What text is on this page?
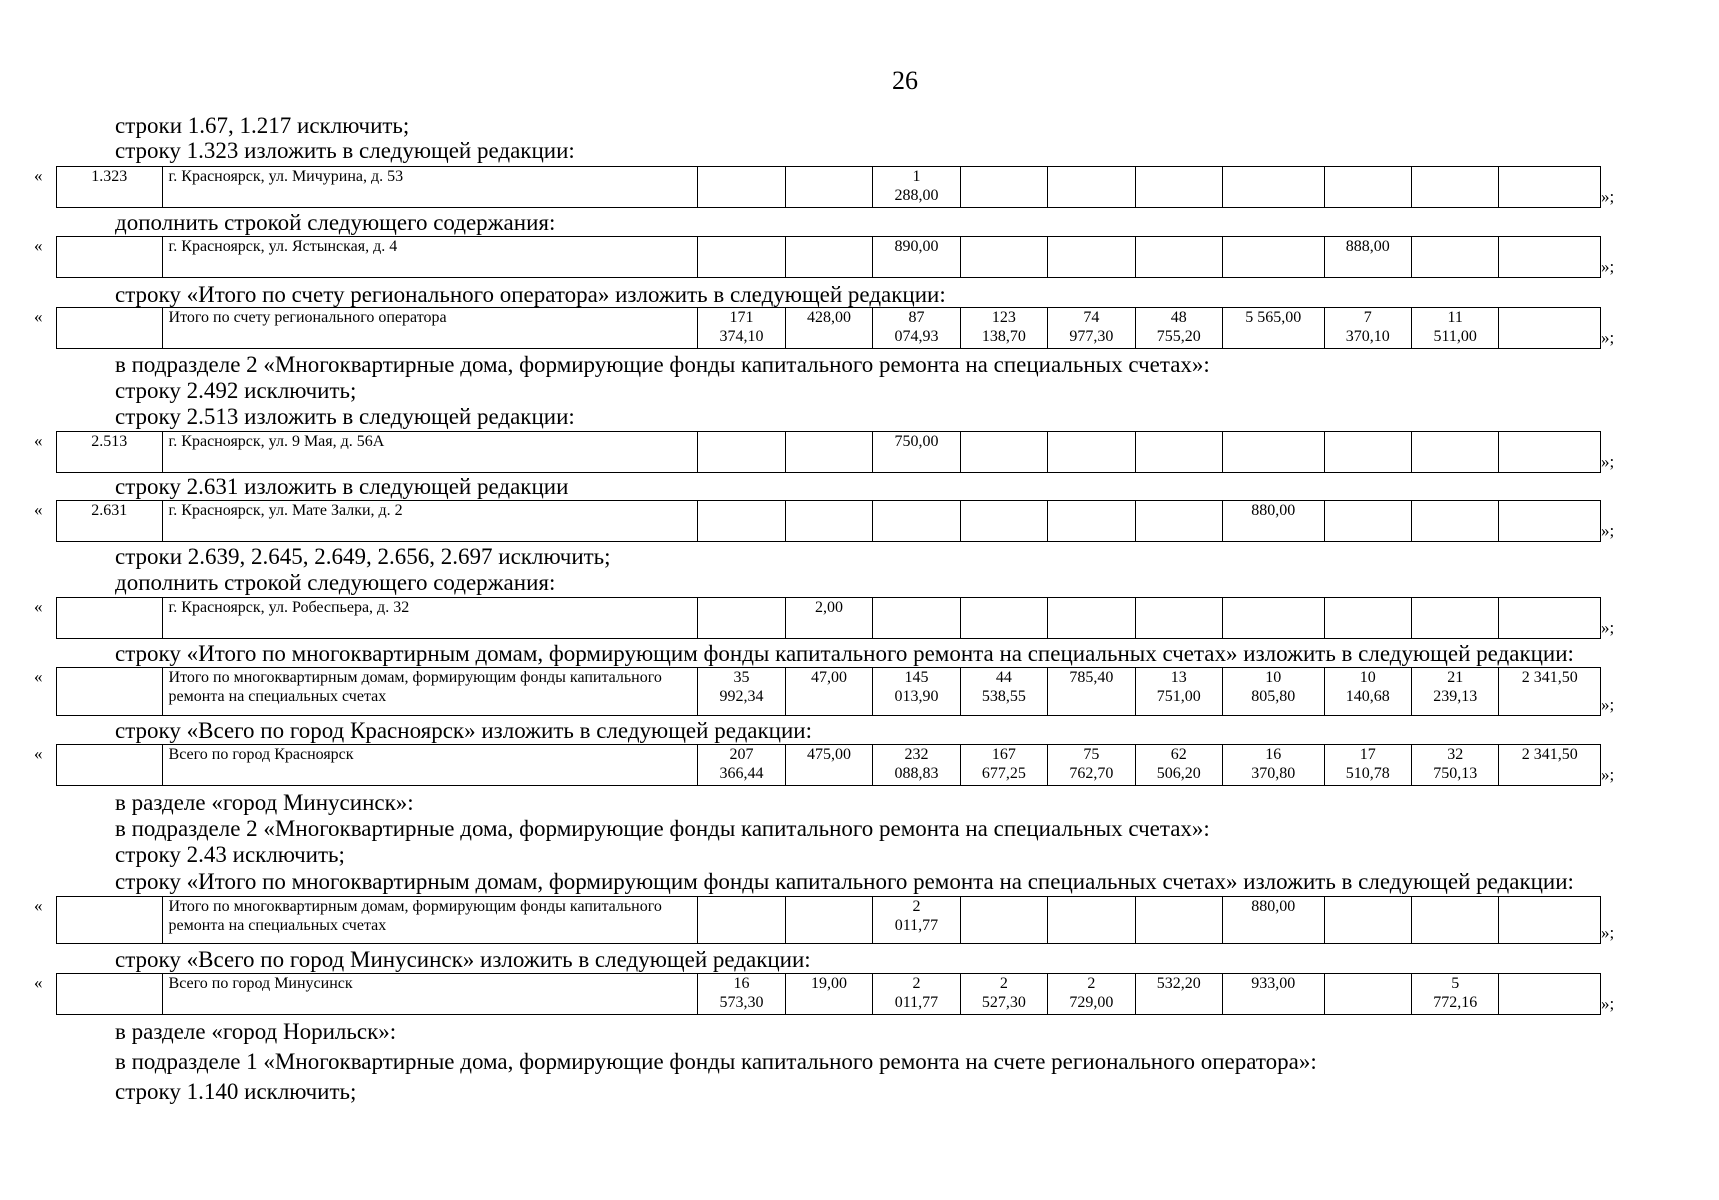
26
строки 1.67, 1.217 исключить;
строку 1.323 изложить в следующей редакции:
«	1.323	г. Красноярск, ул. Мичурина, д. 53			1
288,00								»;
дополнить строкой следующего содержания:
«
		г. Красноярск, ул. Ястынская, д. 4			890,00					888,00		
»;
строку «Итого по счету регионального оператора» изложить в следующей редакции:
«
		Итого по счету регионального оператора	171
374,10	428,00	87
074,93	123
138,70	74
977,30	48
755,20	5 565,00	7
370,10	11
511,00		»;
в подразделе 2 «Многоквартирные дома, формирующие фонды капитального ремонта на специальных счетах»:
строку 2.492 исключить;
строку 2.513 изложить в следующей редакции:
«	2.513	г. Красноярск, ул. 9 Мая, д. 56А			750,00							
»;
строку 2.631 изложить в следующей редакции
«	2.631	г. Красноярск, ул. Мате Залки, д. 2							880,00			
»;
строки 2.639, 2.645, 2.649, 2.656, 2.697 исключить;
дополнить строкой следующего содержания:
«
		г. Красноярск, ул. Робеспьера, д. 32		2,00								
»;
строку «Итого по многоквартирным домам, формирующим фонды капитального ремонта на специальных счетах» изложить в следующей редакции:
«
		Итого по многоквартирным домам, формирующим фонды капитального ремонта на специальных счетах	35
992,34	47,00	145
013,90	44
538,55	785,40	13
751,00	10
805,80	10
140,68	21
239,13	2 341,50
»;
строку «Всего по город Красноярск» изложить в следующей редакции:
«
		Всего по город Красноярск	207
366,44	475,00	232
088,83	167
677,25	75
762,70	62
506,20	16
370,80	17
510,78	32
750,13	2 341,50
»;
в разделе «город Минусинск»:
в подразделе 2 «Многоквартирные дома, формирующие фонды капитального ремонта на специальных счетах»:
строку 2.43 исключить;
строку «Итого по многоквартирным домам, формирующим фонды капитального ремонта на специальных счетах» изложить в следующей редакции:
«
		Итого по многоквартирным домам, формирующим фонды капитального ремонта на специальных счетах			2
011,77				880,00			
»;
строку «Всего по город Минусинск» изложить в следующей редакции:
«
		Всего по город Минусинск	16
573,30	19,00	2
011,77	2
527,30	2
729,00	532,20	933,00		5
772,16		»;
в разделе «город Норильск»:
в подразделе 1 «Многоквартирные дома, формирующие фонды капитального ремонта на счете регионального оператора»:
строку 1.140 исключить;
